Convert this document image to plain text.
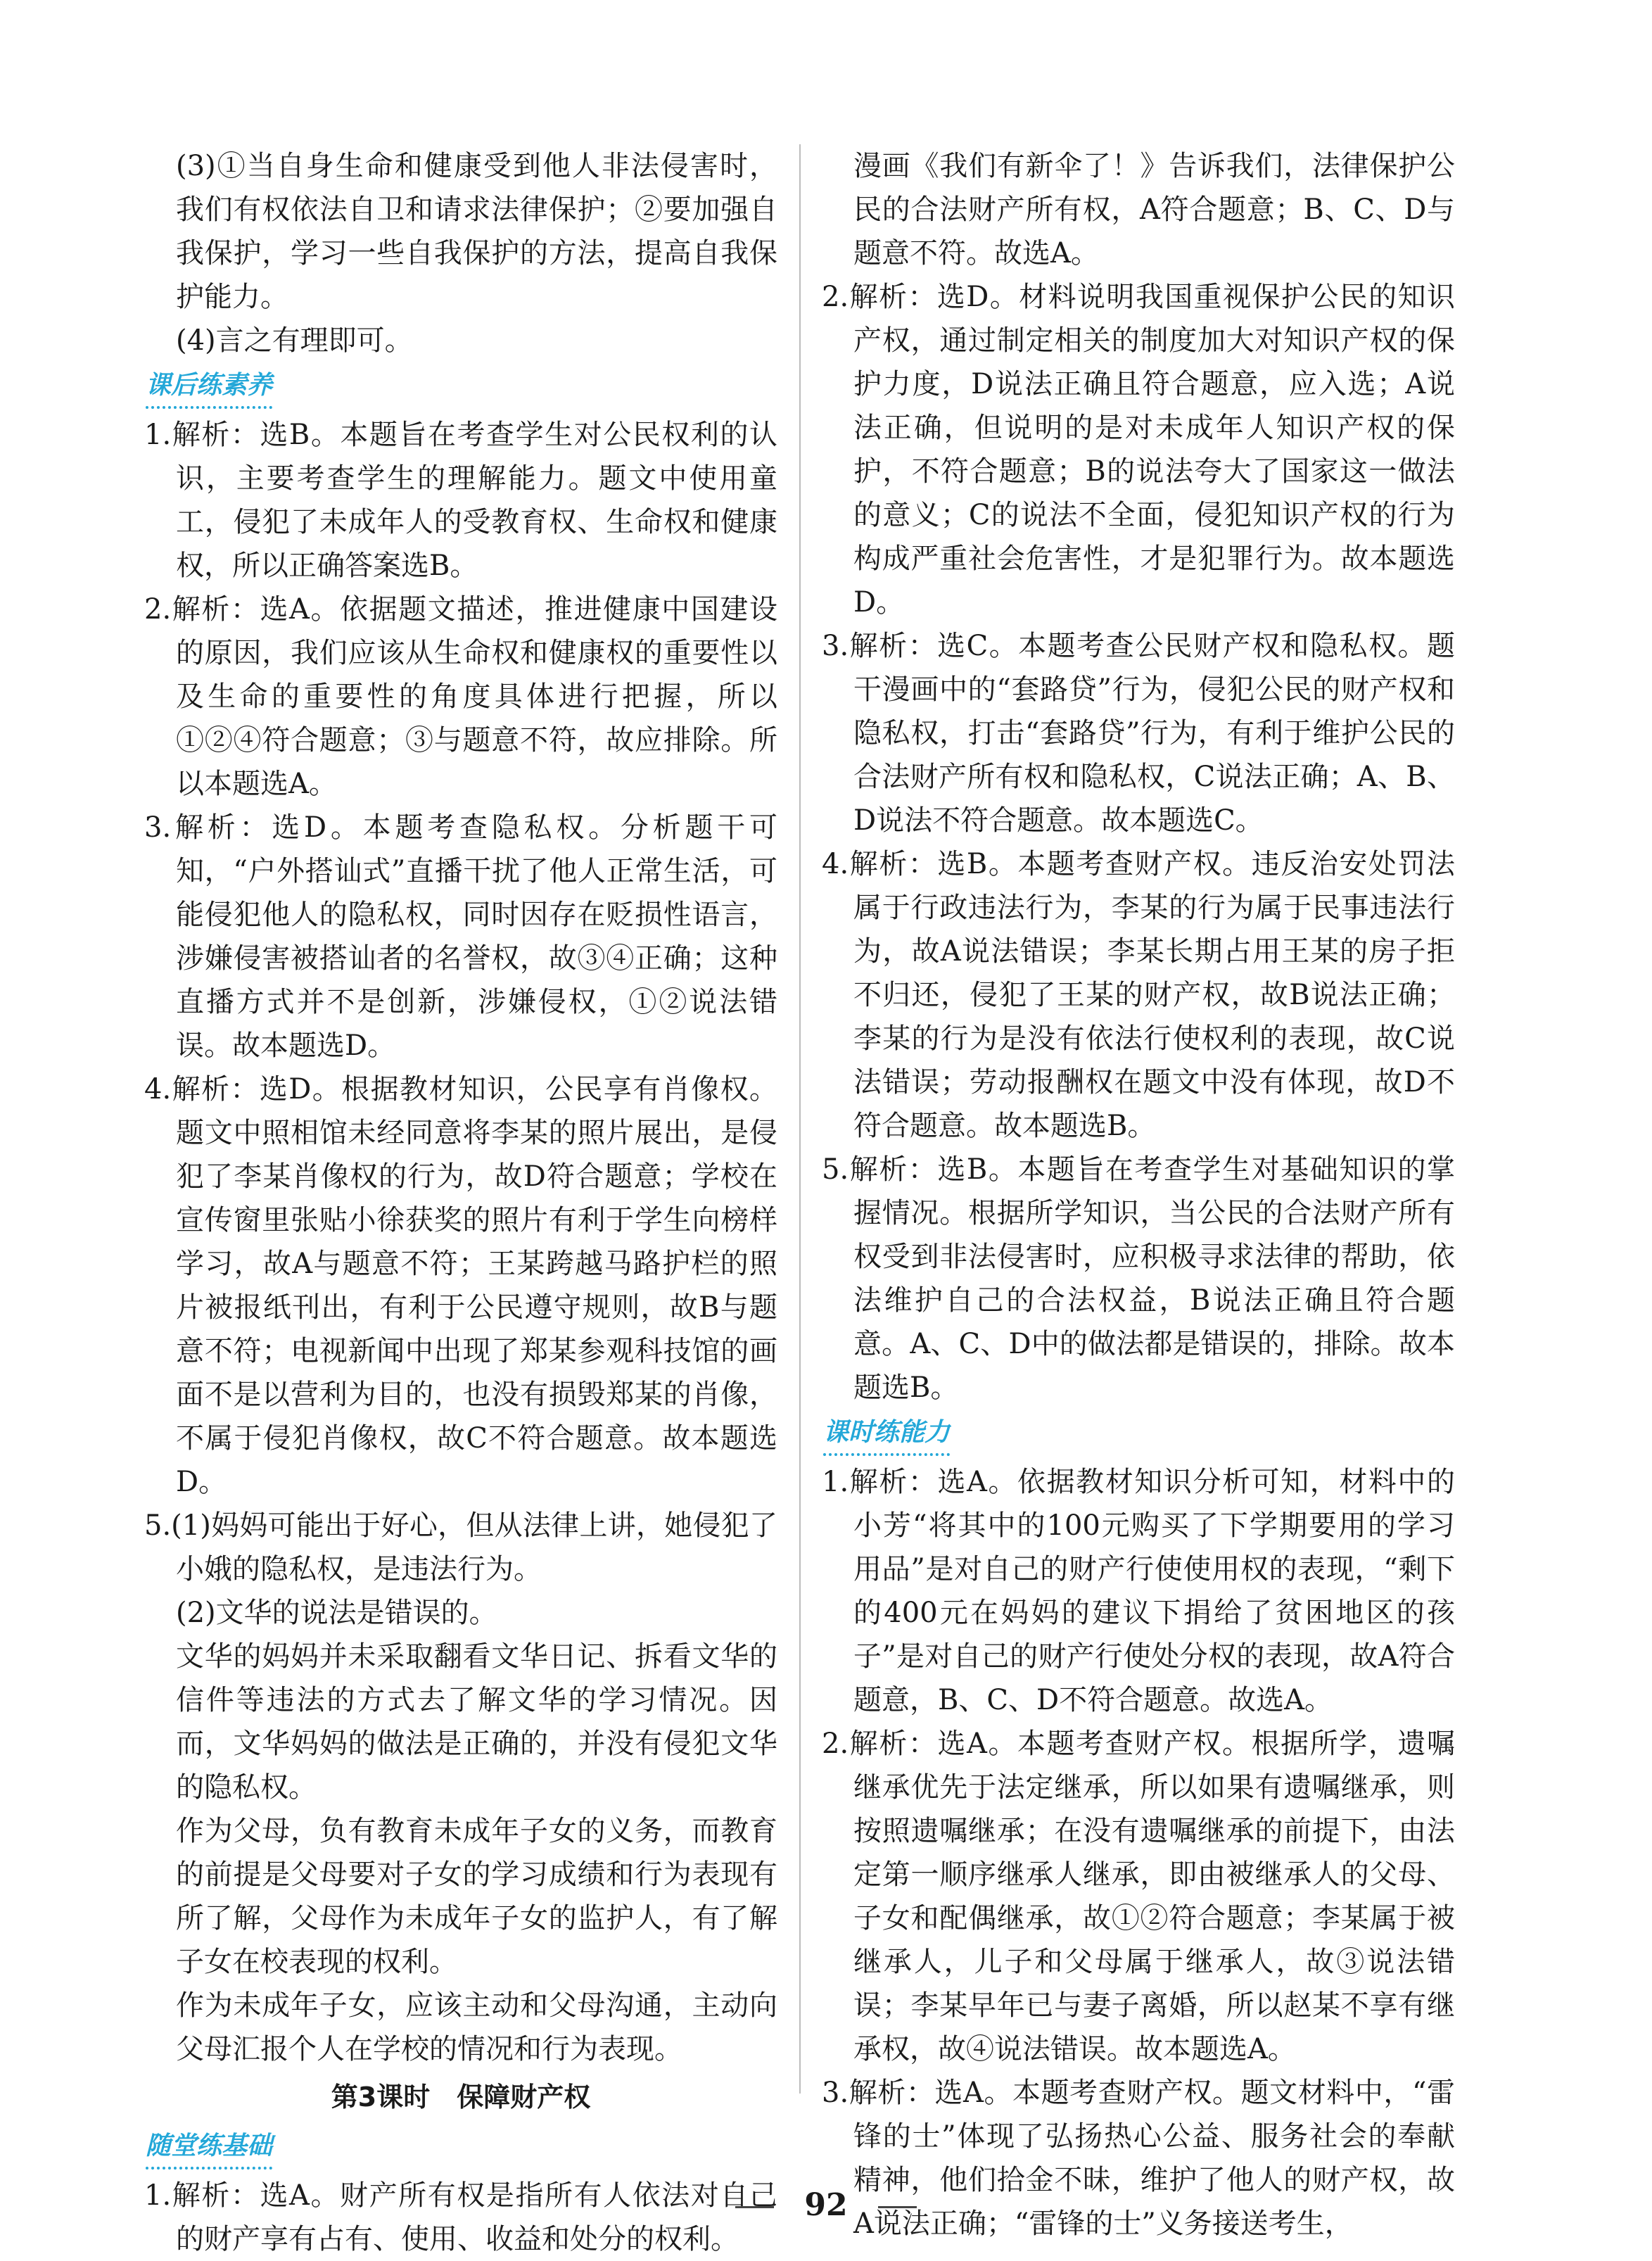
(3)①当自身生命和健康受到他人非法侵害时，我们有权依法自卫和请求法律保护；②要加强自我保护，学习一些自我保护的方法，提高自我保护能力。

(4)言之有理即可。

课后练素养

1.解析：选B。本题旨在考查学生对公民权利的认识，主要考查学生的理解能力。题文中使用童工，侵犯了未成年人的受教育权、生命权和健康权，所以正确答案选B。

2.解析：选A。依据题文描述，推进健康中国建设的原因，我们应该从生命权和健康权的重要性以及生命的重要性的角度具体进行把握，所以①②④符合题意；③与题意不符，故应排除。所以本题选A。

3.解析：选D。本题考查隐私权。分析题干可知，“户外搭讪式”直播干扰了他人正常生活，可能侵犯他人的隐私权，同时因存在贬损性语言，涉嫌侵害被搭讪者的名誉权，故③④正确；这种直播方式并不是创新，涉嫌侵权，①②说法错误。故本题选D。

4.解析：选D。根据教材知识，公民享有肖像权。题文中照相馆未经同意将李某的照片展出，是侵犯了李某肖像权的行为，故D符合题意；学校在宣传窗里张贴小徐获奖的照片有利于学生向榜样学习，故A与题意不符；王某跨越马路护栏的照片被报纸刊出，有利于公民遵守规则，故B与题意不符；电视新闻中出现了郑某参观科技馆的画面不是以营利为目的，也没有损毁郑某的肖像，不属于侵犯肖像权，故C不符合题意。故本题选D。

5.(1)妈妈可能出于好心，但从法律上讲，她侵犯了小娥的隐私权，是违法行为。

(2)文华的说法是错误的。

文华的妈妈并未采取翻看文华日记、拆看文华的信件等违法的方式去了解文华的学习情况。因而，文华妈妈的做法是正确的，并没有侵犯文华的隐私权。

作为父母，负有教育未成年子女的义务，而教育的前提是父母要对子女的学习成绩和行为表现有所了解，父母作为未成年子女的监护人，有了解子女在校表现的权利。

作为未成年子女，应该主动和父母沟通，主动向父母汇报个人在学校的情况和行为表现。

第3课时　保障财产权
随堂练基础

1.解析：选A。财产所有权是指所有人依法对自己的财产享有占有、使用、收益和处分的权利。

漫画《我们有新伞了！》告诉我们，法律保护公民的合法财产所有权，A符合题意；B、C、D与题意不符。故选A。

2.解析：选D。材料说明我国重视保护公民的知识产权，通过制定相关的制度加大对知识产权的保护力度，D说法正确且符合题意，应入选；A说法正确，但说明的是对未成年人知识产权的保护，不符合题意；B的说法夸大了国家这一做法的意义；C的说法不全面，侵犯知识产权的行为构成严重社会危害性，才是犯罪行为。故本题选D。

3.解析：选C。本题考查公民财产权和隐私权。题干漫画中的“套路贷”行为，侵犯公民的财产权和隐私权，打击“套路贷”行为，有利于维护公民的合法财产所有权和隐私权，C说法正确；A、B、D说法不符合题意。故本题选C。

4.解析：选B。本题考查财产权。违反治安处罚法属于行政违法行为，李某的行为属于民事违法行为，故A说法错误；李某长期占用王某的房子拒不归还，侵犯了王某的财产权，故B说法正确；李某的行为是没有依法行使权利的表现，故C说法错误；劳动报酬权在题文中没有体现，故D不符合题意。故本题选B。

5.解析：选B。本题旨在考查学生对基础知识的掌握情况。根据所学知识，当公民的合法财产所有权受到非法侵害时，应积极寻求法律的帮助，依法维护自己的合法权益，B说法正确且符合题意。A、C、D中的做法都是错误的，排除。故本题选B。

课时练能力

1.解析：选A。依据教材知识分析可知，材料中的小芳“将其中的100元购买了下学期要用的学习用品”是对自己的财产行使使用权的表现，“剩下的400元在妈妈的建议下捐给了贫困地区的孩子”是对自己的财产行使处分权的表现，故A符合题意，B、C、D不符合题意。故选A。

2.解析：选A。本题考查财产权。根据所学，遗嘱继承优先于法定继承，所以如果有遗嘱继承，则按照遗嘱继承；在没有遗嘱继承的前提下，由法定第一顺序继承人继承，即由被继承人的父母、子女和配偶继承，故①②符合题意；李某属于被继承人，儿子和父母属于继承人，故③说法错误；李某早年已与妻子离婚，所以赵某不享有继承权，故④说法错误。故本题选A。

3.解析：选A。本题考查财产权。题文材料中，“雷锋的士”体现了弘扬热心公益、服务社会的奉献精神，他们拾金不昧，维护了他人的财产权，故A说法正确；“雷锋的士”义务接送考生，

92
